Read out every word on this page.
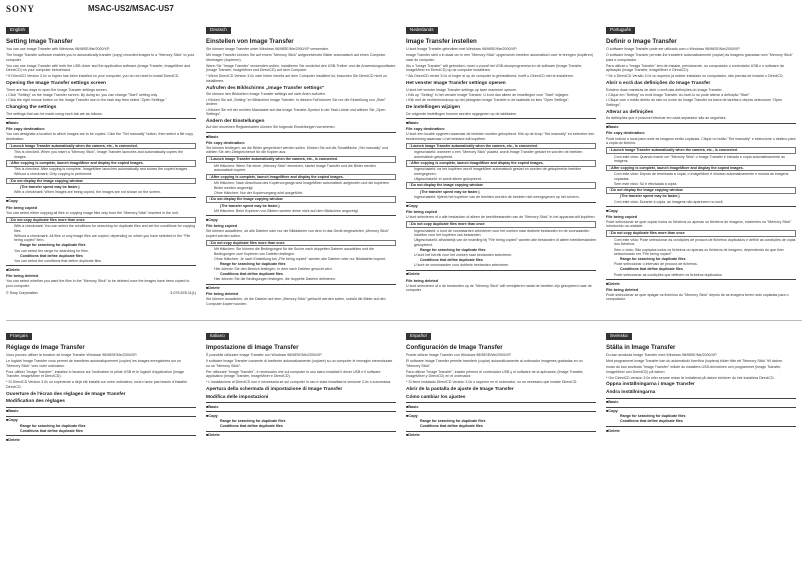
SONY	MSAC-US2/MSAC-US7
English
Setting Image Transfer
You can use Image Transfer with Windows 98/98SE/Me/2000/XP.
The Image Transfer software enables you to automatically transfer (copy) recorded images to a "Memory Stick" to your computer.
You can use Image Transfer with both the USB driver and the application software (Image Transfer, ImageMixer and DirectCD) on your computer beforehand.
* If DirectCD Version 3.0x or higher has been installed on your computer, you do not need to install DirectCD.
Opening the Image Transfer settings screen
There are two ways to open the Image Transfer settings screen.
• Click "Setting" on the Image Transfer screen. By doing so, you can change "Start" setting only.
• Click the right mouse button on the Image Transfer icon in the task tray then select "Open Settings."
Changing the settings
The settings that can be made using each tab are as follows.
■Basic
File copy destination:
You can designate a location to which images are to be copied. Click the "Set manually" button, then select a file copy destination.
□Launch Image Transfer automatically when the camera, etc., is connected.
This is checked. When you insert a "Memory Stick", Image Transfer launches and automatically copies the images.
□After copying is complete, launch ImageMixer and display the copied images.
This is checked. After copying is complete, ImageMixer launches automatically and shows the copied images.
Without a checkmark: Only copying is performed.
□Do not display the image copying window
(The transfer speed may be faster.)
With a checkmark: When images are being copied, the images are not shown on the screen.
■Copy
File being copied
You can select either copying all files or copying image files only from the "Memory Stick" inserted in the unit.
□Do not copy duplicate files more than once
With a checkmark: You can select the conditions for searching for duplicate files and set the conditions for copying files.
Without a checkmark: All files or only image files are copied, depending on which you have selected in the "File being copied" item.
Range for searching for duplicate files
You can select the range for searching for files.
Conditions that define duplicate files
You can select the conditions that define duplicate files.
■Delete
File being deleted
You can select whether you want the files in the "Memory Stick" to be deleted once the images have been copied to your computer.
© Sony Corporation	3-079-578-11(1)
Deutsch
Einstellen von Image Transfer
Sie können Image Transfer unter Windows 98/98SE/Me/2000/XP verwenden.
Mit Image Transfer können Sie auf einem "Memory Stick" aufgezeichnete Bilder automatisch auf einen Computer übertragen (kopieren).
Wenn Sie "Image Transfer" verwenden wollen, installieren Sie zunächst den USB-Treiber und die Anwendungssoftware (Image Transfer, ImageMixer und DirectCD) auf dem Computer.
* Wenn DirectCD Version 3.0x oder höher bereits auf dem Computer installiert ist, brauchen Sie DirectCD nicht zu installieren.
Aufrufen des Bildschirms „Image Transfer settings"
Sie können den Bildschirm Image Transfer settings auf zwei Arten aufrufen.
• Klicken Sie auf „Setting" im Bildschirm Image Transfer. In diesem Fall können Sie nur die Einstellung von „Start" ändern.
• Klicken Sie mit der rechten Maustaste auf das Image Transfer-Symbol in der Task-Leiste und wählen Sie „Open Settings".
Ändern der Einstellungen
Auf den einzelnen Registerkarten können Sie folgende Einstellungen vornehmen.
■Basic
File copy destination:
Sie können festlegen, wo die Bilder gespeichert werden sollen. Klicken Sie auf die Schaltfläche „Set manually" und wählen Sie den Zielspeicherort für die Kopien aus.
□Launch Image Transfer automatically when the camera, etc., is connected.
Mit Häkchen: Wenn Sie einen „Memory Stick" einsetzen, startet Image Transfer und die Bilder werden automatisch kopiert.
□After copying is complete, launch ImageMixer and display the copied images.
Mit Häkchen: Nach Abschluss des Kopiervorgangs wird ImageMixer automatisch aufgerufen und die kopierten Bilder werden angezeigt.
Ohne Häkchen: Nur der Kopiervorgang wird ausgeführt.
□Do not display the image copying window
(The transfer speed may be faster.)
Mit Häkchen: Beim Kopieren von Bildern werden diese nicht auf dem Bildschirm angezeigt.
■Copy
File being copied
Sie können auswählen, ob alle Dateien oder nur die Bilddateien von dem in das Gerät eingesetzten „Memory Stick" kopiert werden sollen.
□Do not copy duplicate files more than once
Mit Häkchen: Sie können die Bedingungen für die Suche nach doppelten Dateien auswählen und die Bedingungen zum Kopieren von Dateien festlegen.
Ohne Häkchen: Je nach Einstellung bei „File being copied" werden alle Dateien oder nur Bilddateien kopiert.
Range for searching for duplicate files
Hier können Sie den Bereich festlegen, in dem nach Dateien gesucht wird.
Conditions that define duplicate files
Hier können Sie die Bedingungen festlegen, die doppelte Dateien definieren.
■Delete
File being deleted
Sie können auswählen, ob die Dateien auf dem „Memory Stick" gelöscht werden sollen, sobald die Bilder auf den Computer kopiert wurden.
Nederlands
Image Transfer instellen
U kunt Image Transfer gebruiken met Windows 98/98SE/Me/2000/XP.
Image Transfer stelt u in staat om in een "Memory Stick" opgenomen beelden automatisch over te brengen (kopiëren) naar de computer.
Als u "Image Transfer" wilt gebruiken, moet u vooraf het USB-stuurprogramma en de software (Image Transfer, ImageMixer en DirectCD) op de computer installeren.
* Als DirectCD versie 3.0x of hoger al op de computer is geïnstalleerd, hoeft u DirectCD niet te installeren.
Het venster Image Transfer settings openen
U kunt het venster Image Transfer settings op twee manieren openen.
• Klik op "Setting" in het venster Image Transfer. U kunt dan alleen de instellingen voor "Start" wijzigen.
• Klik met de rechtermuisknop op het pictogram Image Transfer in de taakbalk en kies "Open Settings".
De instellingen wijzigen
De volgende instellingen kunnen worden opgegeven op de tabbladen.
■Basic
File copy destination:
U kunt een locatie opgeven waarnaar de beelden worden gekopieerd. Klik op de knop "Set manually" en selecteer een bestemming waarnaar u het bestand wilt kopiëren.
□Launch Image Transfer automatically when the camera, etc., is connected.
Ingeschakeld: wanneer u een "Memory Stick" plaatst, wordt Image Transfer gestart en worden de beelden automatisch gekopieerd.
□After copying is complete, launch ImageMixer and display the copied images.
Ingeschakeld: na het kopiëren wordt ImageMixer automatisch gestart en worden de gekopieerde beelden weergegeven.
Uitgeschakeld: er wordt alleen gekopieerd.
□Do not display the image copying window
(The transfer speed may be faster.)
Ingeschakeld: tijdens het kopiëren van de beelden worden de beelden niet weergegeven op het scherm.
■Copy
File being copied
U kunt selecteren of u alle bestanden of alleen de beeldbestanden van de "Memory Stick" in het apparaat wilt kopiëren.
□Do not copy duplicate files more than once
Ingeschakeld: u kunt de voorwaarden selecteren voor het zoeken naar dubbele bestanden en de voorwaarden instellen voor het kopiëren van bestanden.
Uitgeschakeld: afhankelijk van de instelling bij "File being copied" worden alle bestanden of alleen beeldbestanden gekopieerd.
Range for searching for duplicate files
U kunt het bereik voor het zoeken naar bestanden selecteren.
Conditions that define duplicate files
U kunt de voorwaarden voor dubbele bestanden selecteren.
■Delete
File being deleted
U kunt selecteren of u de bestanden op de "Memory Stick" wilt verwijderen nadat de beelden zijn gekopieerd naar de computer.
Português
Definir o Image Transfer
O software Image Transfer pode ser utilizado com o Windows 98/98SE/Me/2000/XP.
O software Image Transfer permite-lhe transferir automaticamente (copiar) as imagens gravadas num "Memory Stick" para o computador.
Para utilizar o "Image Transfer" tem de instalar, previamente, no computador o controlador USB e o software da aplicação (Image Transfer, ImageMixer e DirectCD).
* Se o DirectCD Versão 3.0x ou superior já estiver instalado no computador, não precisa de instalar o DirectCD.
Abrir o ecrã das definições do Image Transfer
Existem duas maneiras de abrir o ecrã das definições do Image Transfer.
• Clique em "Setting" no ecrã Image Transfer. Ao fazê-lo só pode alterar a definição "Start".
• Clique com o botão direito do rato no ícone do Image Transfer na barra de tarefas e depois seleccione "Open Settings".
Alterar as definições
As definições que é possível efectuar em cada separador são as seguintes.
■Basic
File copy destination:
Pode indicar o local para onde as imagens serão copiadas. Clique no botão "Set manually" e seleccione o destino para a cópia do ficheiro.
□Launch Image Transfer automatically when the camera, etc., is connected.
Com este visto: Quando inserir um "Memory Stick" o Image Transfer é iniciado e copia automaticamente as imagens.
□After copying is complete, launch ImageMixer and display the copied images.
Com este visto: Depois de terminada a cópia, o ImageMixer é iniciado automaticamente e mostra as imagens copiadas.
Sem este visto: Só é efectuada a cópia.
□Do not display the image copying window
(The transfer speed may be faster.)
Com este visto: Durante a cópia, as imagens não aparecem no ecrã.
■Copy
File being copied
Pode seleccionar se quer copiar todos os ficheiros ou apenas os ficheiros de imagens, existentes no "Memory Stick" introduzido na unidade.
□Do not copy duplicate files more than once
Com este visto: Pode seleccionar as condições de procura de ficheiros duplicados e definir as condições de cópia dos ficheiros.
Sem o visto: São copiados todos os ficheiros ou apenas os ficheiros de imagens, dependendo do que tiver seleccionado em "File being copied".
Range for searching for duplicate files
Pode seleccionar o intervalo de procura de ficheiros.
Conditions that define duplicate files
Pode seleccionar as condições que definem os ficheiros duplicados.
■Delete
File being deleted
Pode seleccionar se quer apagar os ficheiros do "Memory Stick" depois de as imagens terem sido copiadas para o computador.
Français
Réglage de Image Transfer
Vous pouvez utiliser la fonction de Image Transfer Windows 98/98SE/Me/2000/XP.
Le logiciel Image Transfer vous permet de transférer automatiquement (copier) les images enregistrées sur un "Memory Stick" vers votre ordinateur.
Pour utiliser "Image Transfer", installez à l'avance sur l'ordinateur le pilote USB et le logiciel d'application (Image Transfer, ImageMixer et DirectCD).
* Si DirectCD Version 3.0x ou supérieure a déjà été installé sur votre ordinateur, vous n'avez pas besoin d'installer DirectCD.
Ouverture de l'écran des réglages de Image Transfer
Modification des réglages
■Basic
■Copy
Range for searching for duplicate files
Conditions that define duplicate files
■Delete
Italiano
Impostazione di Image Transfer
È possibile utilizzare Image Transfer con Windows 98/98SE/Me/2000/XP.
Il software Image Transfer consente di trasferire automaticamente (copiare) su un computer le immagini memorizzate su un "Memory Stick".
Per utilizzare "Image Transfer", è necessario che sul computer in uso siano installati il driver USB e il software applicativo (Image Transfer, ImageMixer e DirectCD).
* L'installazione di DirectCD non è necessaria se sul computer in uso è stata installata la versione 3.0x o successiva.
Apertura della schermata di impostazione di Image Transfer
Modifica delle impostazioni
■Basic
■Copy
Range for searching for duplicate files
Conditions that define duplicate files
■Delete
Español
Configuración de Image Transfer
Puede utilizar Image Transfer con Windows 98/98SE/Me/2000/XP.
El software Image Transfer permite transferir (copiar) automáticamente al ordenador imágenes grabadas en un "Memory Stick".
Para utilizar "Image Transfer", instale primero el controlador USB y el software de la aplicación (Image Transfer, ImageMixer y DirectCD) en el ordenador.
* Si tiene instalado DirectCD Versión 3.0x o superior en el ordenador, no es necesario que instale DirectCD.
Abrir de la pantalla de ajuste de Image Transfer
Cómo cambiar los ajustes
■Basic
■Copy
Range for searching for duplicate files
Conditions that define duplicate files
■Delete
Svenska
Ställa in Image Transfer
Du kan använda Image Transfer med Windows 98/98SE/Me/2000/XP.
Med programmet Image Transfer kan du automatiskt överföra (kopiera) bilder från ett "Memory Stick" till datorn.
Innan du kan använda "Image Transfer" måste du installera USB-drivrutinen och programmet (Image Transfer, ImageMixer och DirectCD) på datorn.
* Om DirectCD version 3.0x eller senare redan är installerat på datorn behöver du inte installera DirectCD.
Öppna inställningarna i Image Transfer
Ändra inställningarna
■Basic
■Copy
Range for searching for duplicate files
Conditions that define duplicate files
■Delete
